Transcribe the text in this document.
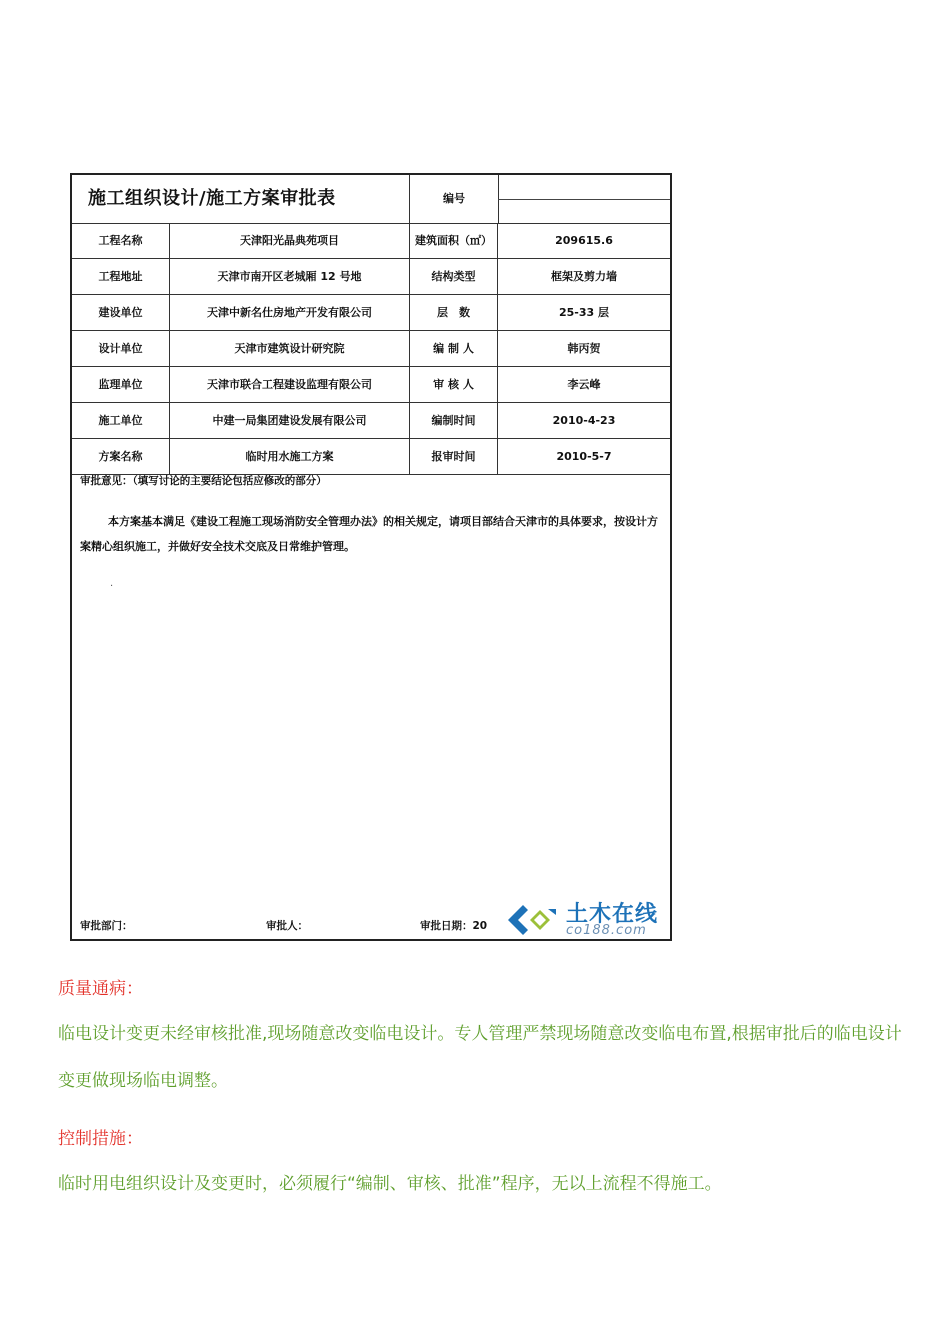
施工组织设计/施工方案审批表	编号
工程名称	天津阳光晶典苑项目	建筑面积（㎡）	209615.6
工程地址	天津市南开区老城厢 12 号地	结构类型	框架及剪力墙
建设单位	天津中新名仕房地产开发有限公司	层　数	25-33 层
设计单位	天津市建筑设计研究院	编 制 人	韩丙贺
监理单位	天津市联合工程建设监理有限公司	审 核 人	李云峰
施工单位	中建一局集团建设发展有限公司	编制时间	2010-4-23
方案名称	临时用水施工方案	报审时间	2010-5-7
审批意见：（填写讨论的主要结论包括应修改的部分）
本方案基本满足《建设工程施工现场消防安全管理办法》的相关规定，请项目部结合天津市的具体要求，按设计方案精心组织施工，并做好安全技术交底及日常维护管理。
·
审批部门：	审批人：	审批日期：20	土木在线
co188.com
质量通病：
临电设计变更未经审核批准,现场随意改变临电设计。专人管理严禁现场随意改变临电布置,根据审批后的临电设计变更做现场临电调整。
控制措施：
临时用电组织设计及变更时，必须履行“编制、审核、批准”程序，无以上流程不得施工。
